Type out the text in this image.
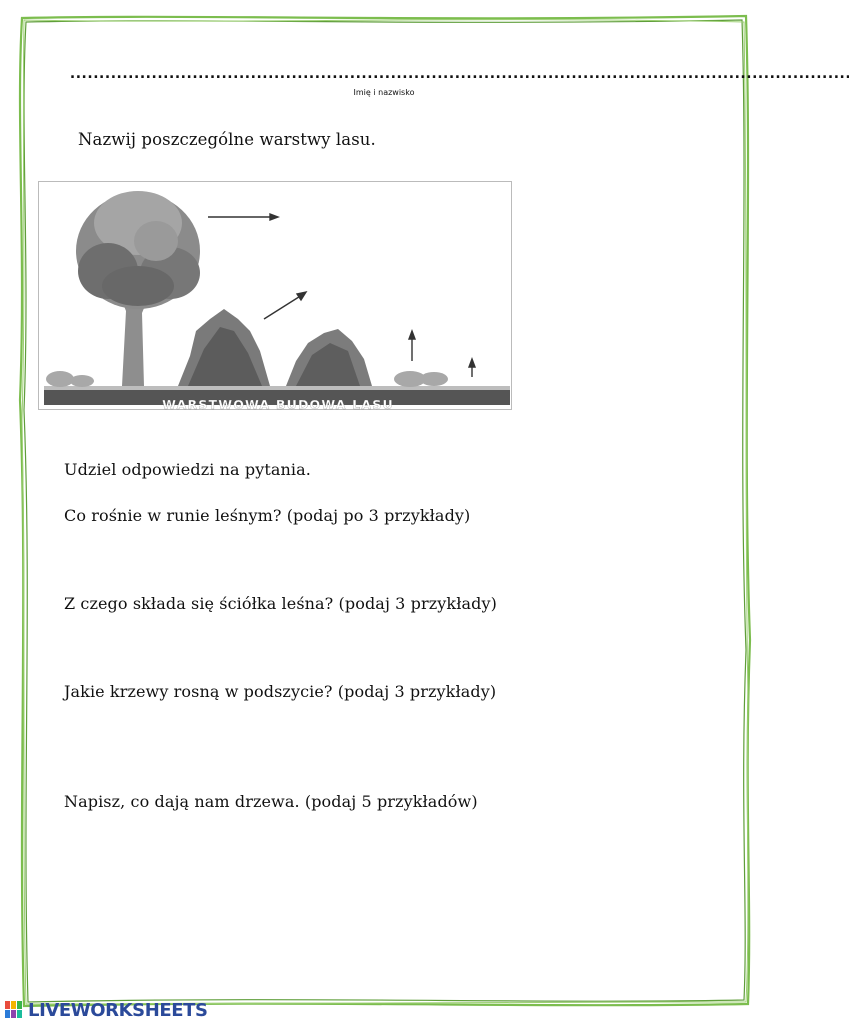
......................................................................................................................................
Imię i nazwisko
Nazwij poszczególne warstwy lasu.
WARSTWOWA BUDOWA LASU
Udziel odpowiedzi na pytania.
Co rośnie w runie leśnym? (podaj po 3 przykłady)
Z czego składa się ściółka leśna? (podaj 3 przykłady)
Jakie krzewy rosną w podszycie? (podaj 3 przykłady)
Napisz, co dają nam drzewa. (podaj 5 przykładów)
LIVEWORKSHEETS
